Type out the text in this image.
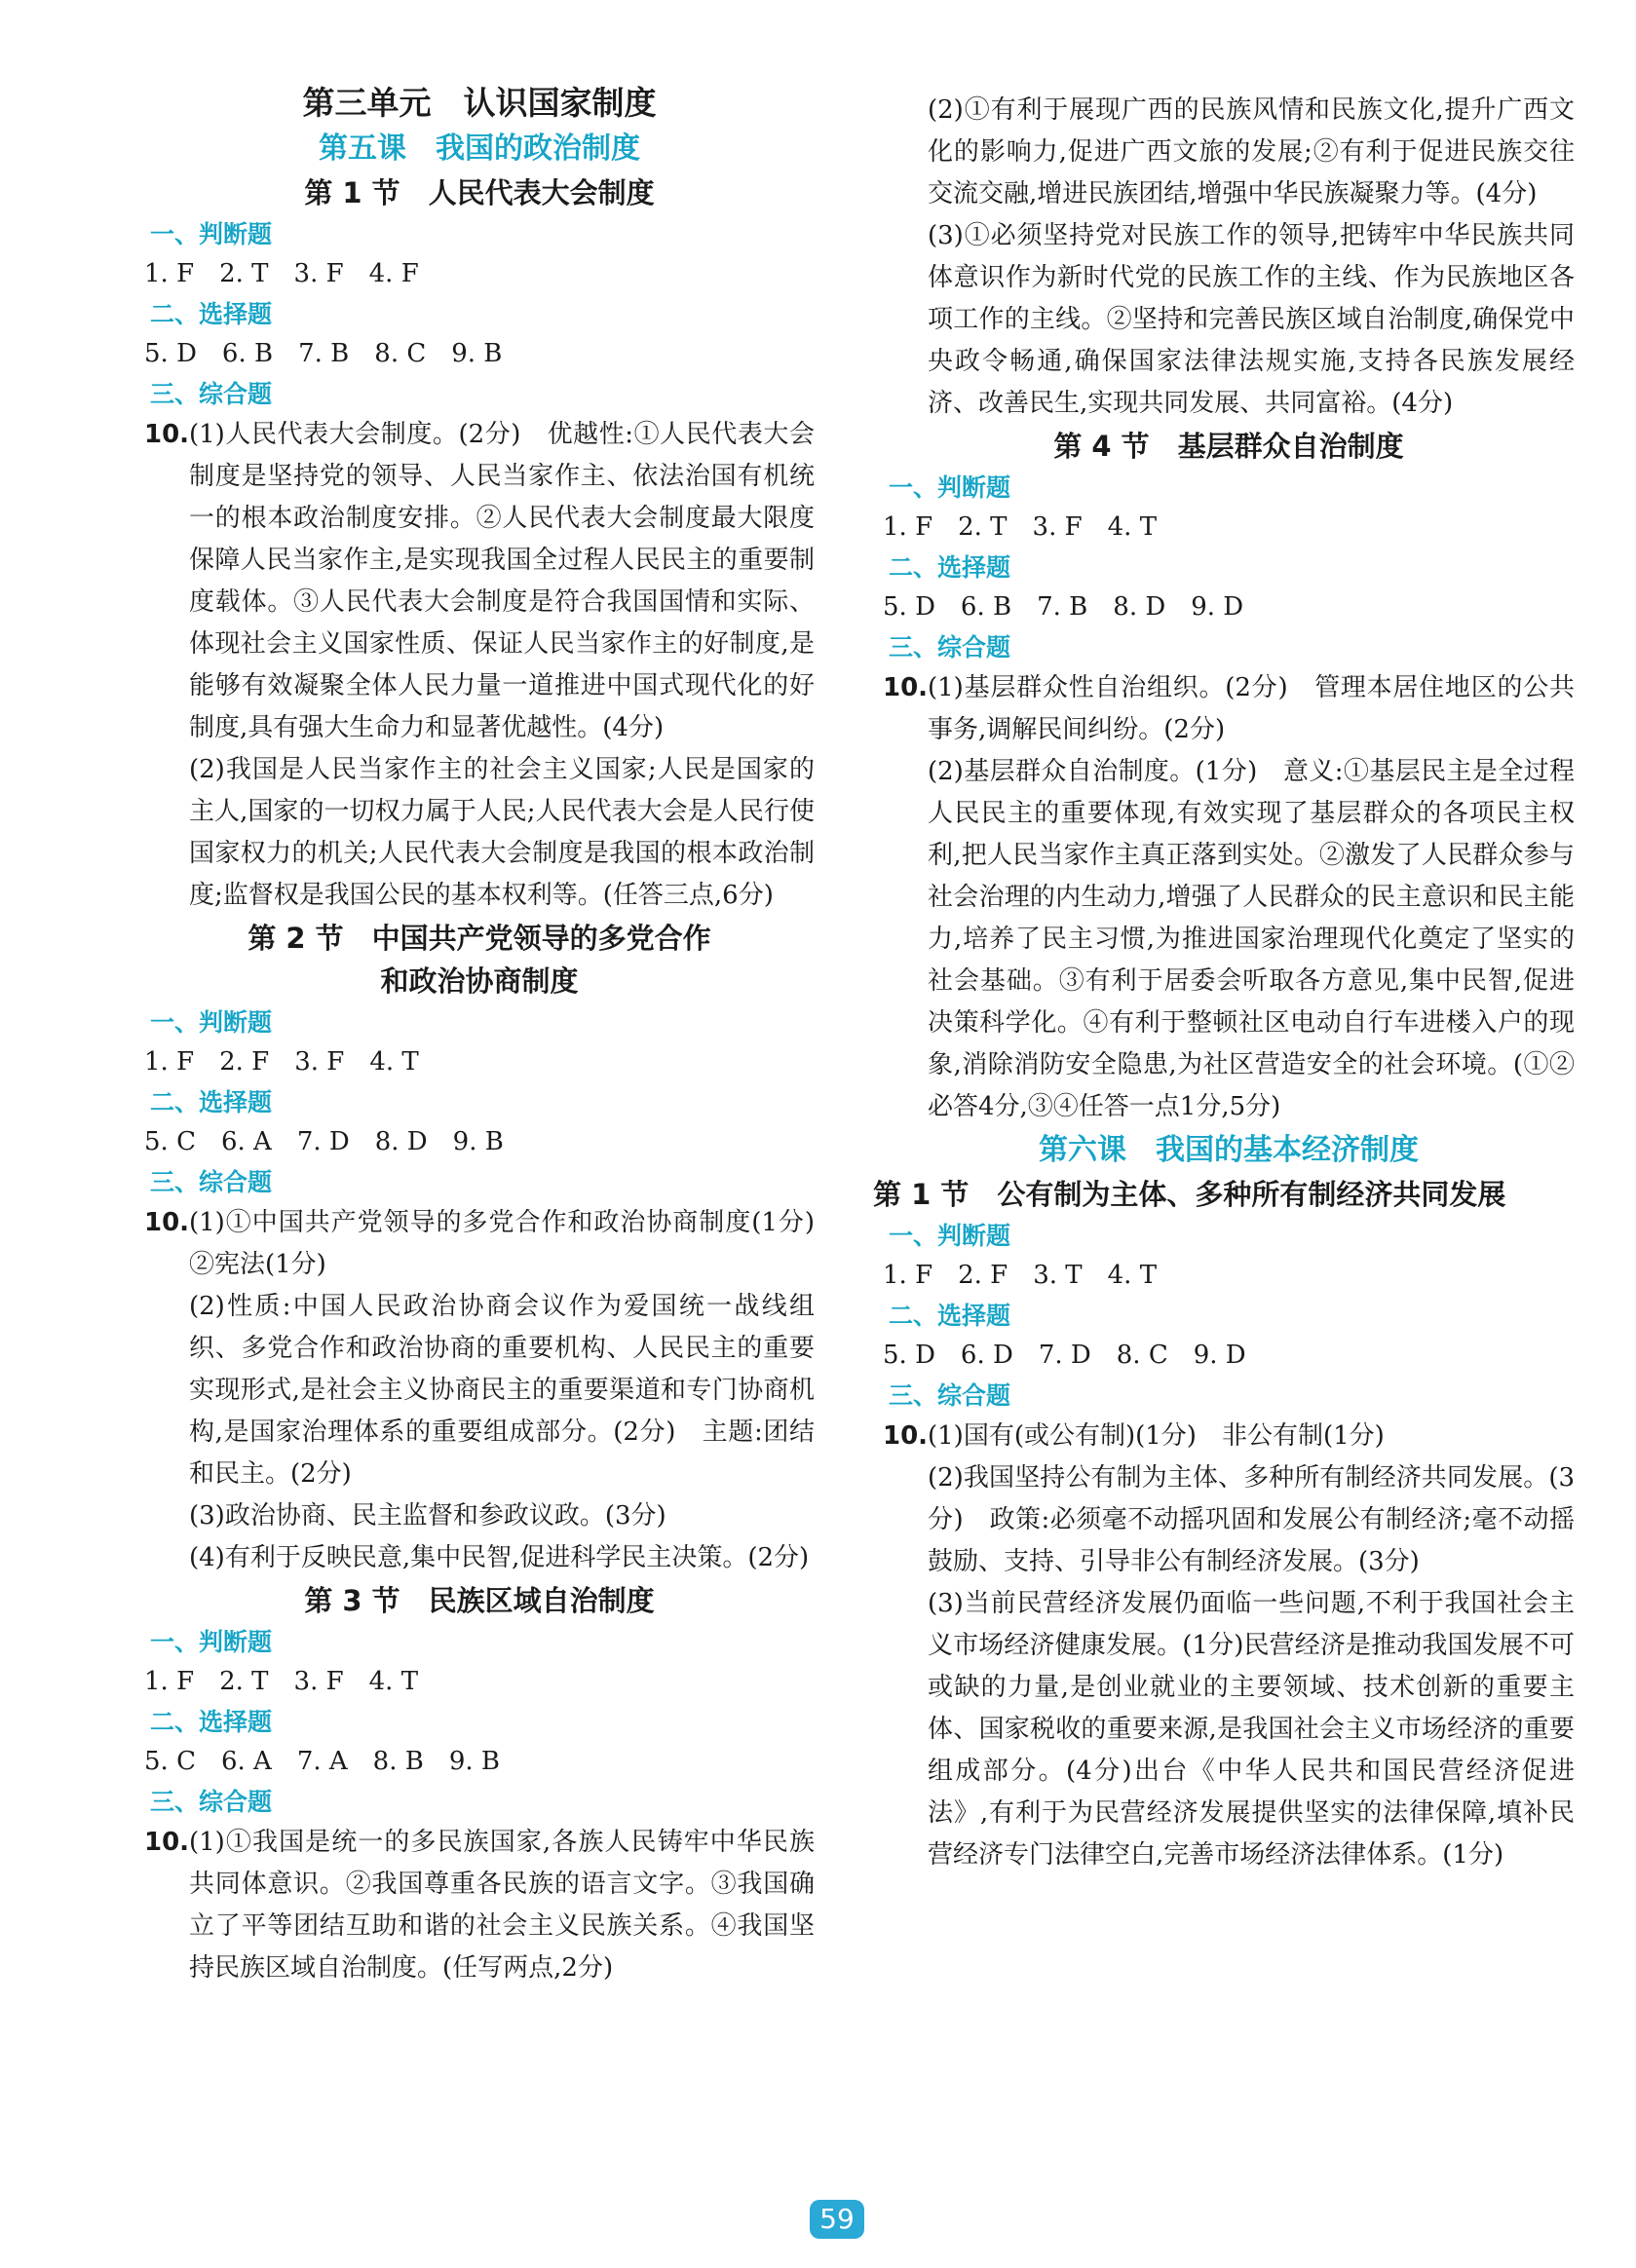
第三单元　认识国家制度
第五课　我国的政治制度
第 1 节　人民代表大会制度

一、判断题

1. F　2. T　3. F　4. F

二、选择题

5. D　6. B　7. B　8. C　9. B

三、综合题

10. (1)人民代表大会制度。(2分)　优越性:①人民代表大会制度是坚持党的领导、人民当家作主、依法治国有机统一的根本政治制度安排。②人民代表大会制度最大限度保障人民当家作主,是实现我国全过程人民民主的重要制度载体。③人民代表大会制度是符合我国国情和实际、体现社会主义国家性质、保证人民当家作主的好制度,是能够有效凝聚全体人民力量一道推进中国式现代化的好制度,具有强大生命力和显著优越性。(4分)

(2)我国是人民当家作主的社会主义国家;人民是国家的主人,国家的一切权力属于人民;人民代表大会是人民行使国家权力的机关;人民代表大会制度是我国的根本政治制度;监督权是我国公民的基本权利等。(任答三点,6分)

第 2 节　中国共产党领导的多党合作
和政治协商制度

一、判断题

1. F　2. F　3. F　4. T

二、选择题

5. C　6. A　7. D　8. D　9. B

三、综合题

10. (1)①中国共产党领导的多党合作和政治协商制度(1分)　②宪法(1分)

(2)性质:中国人民政治协商会议作为爱国统一战线组织、多党合作和政治协商的重要机构、人民民主的重要实现形式,是社会主义协商民主的重要渠道和专门协商机构,是国家治理体系的重要组成部分。(2分)　主题:团结和民主。(2分)

(3)政治协商、民主监督和参政议政。(3分)

(4)有利于反映民意,集中民智,促进科学民主决策。(2分)

第 3 节　民族区域自治制度

一、判断题

1. F　2. T　3. F　4. T

二、选择题

5. C　6. A　7. A　8. B　9. B

三、综合题

10. (1)①我国是统一的多民族国家,各族人民铸牢中华民族共同体意识。②我国尊重各民族的语言文字。③我国确立了平等团结互助和谐的社会主义民族关系。④我国坚持民族区域自治制度。(任写两点,2分)

(2)①有利于展现广西的民族风情和民族文化,提升广西文化的影响力,促进广西文旅的发展;②有利于促进民族交往交流交融,增进民族团结,增强中华民族凝聚力等。(4分)

(3)①必须坚持党对民族工作的领导,把铸牢中华民族共同体意识作为新时代党的民族工作的主线、作为民族地区各项工作的主线。②坚持和完善民族区域自治制度,确保党中央政令畅通,确保国家法律法规实施,支持各民族发展经济、改善民生,实现共同发展、共同富裕。(4分)

第 4 节　基层群众自治制度

一、判断题

1. F　2. T　3. F　4. T

二、选择题

5. D　6. B　7. B　8. D　9. D

三、综合题

10. (1)基层群众性自治组织。(2分)　管理本居住地区的公共事务,调解民间纠纷。(2分)

(2)基层群众自治制度。(1分)　意义:①基层民主是全过程人民民主的重要体现,有效实现了基层群众的各项民主权利,把人民当家作主真正落到实处。②激发了人民群众参与社会治理的内生动力,增强了人民群众的民主意识和民主能力,培养了民主习惯,为推进国家治理现代化奠定了坚实的社会基础。③有利于居委会听取各方意见,集中民智,促进决策科学化。④有利于整顿社区电动自行车进楼入户的现象,消除消防安全隐患,为社区营造安全的社会环境。(①②必答4分,③④任答一点1分,5分)

第六课　我国的基本经济制度
第 1 节　公有制为主体、多种所有制经济共同发展

一、判断题

1. F　2. F　3. T　4. T

二、选择题

5. D　6. D　7. D　8. C　9. D

三、综合题

10. (1)国有(或公有制)(1分)　非公有制(1分)

(2)我国坚持公有制为主体、多种所有制经济共同发展。(3分)　政策:必须毫不动摇巩固和发展公有制经济;毫不动摇鼓励、支持、引导非公有制经济发展。(3分)

(3)当前民营经济发展仍面临一些问题,不利于我国社会主义市场经济健康发展。(1分)民营经济是推动我国发展不可或缺的力量,是创业就业的主要领域、技术创新的重要主体、国家税收的重要来源,是我国社会主义市场经济的重要组成部分。(4分)出台《中华人民共和国民营经济促进法》,有利于为民营经济发展提供坚实的法律保障,填补民营经济专门法律空白,完善市场经济法律体系。(1分)

59
